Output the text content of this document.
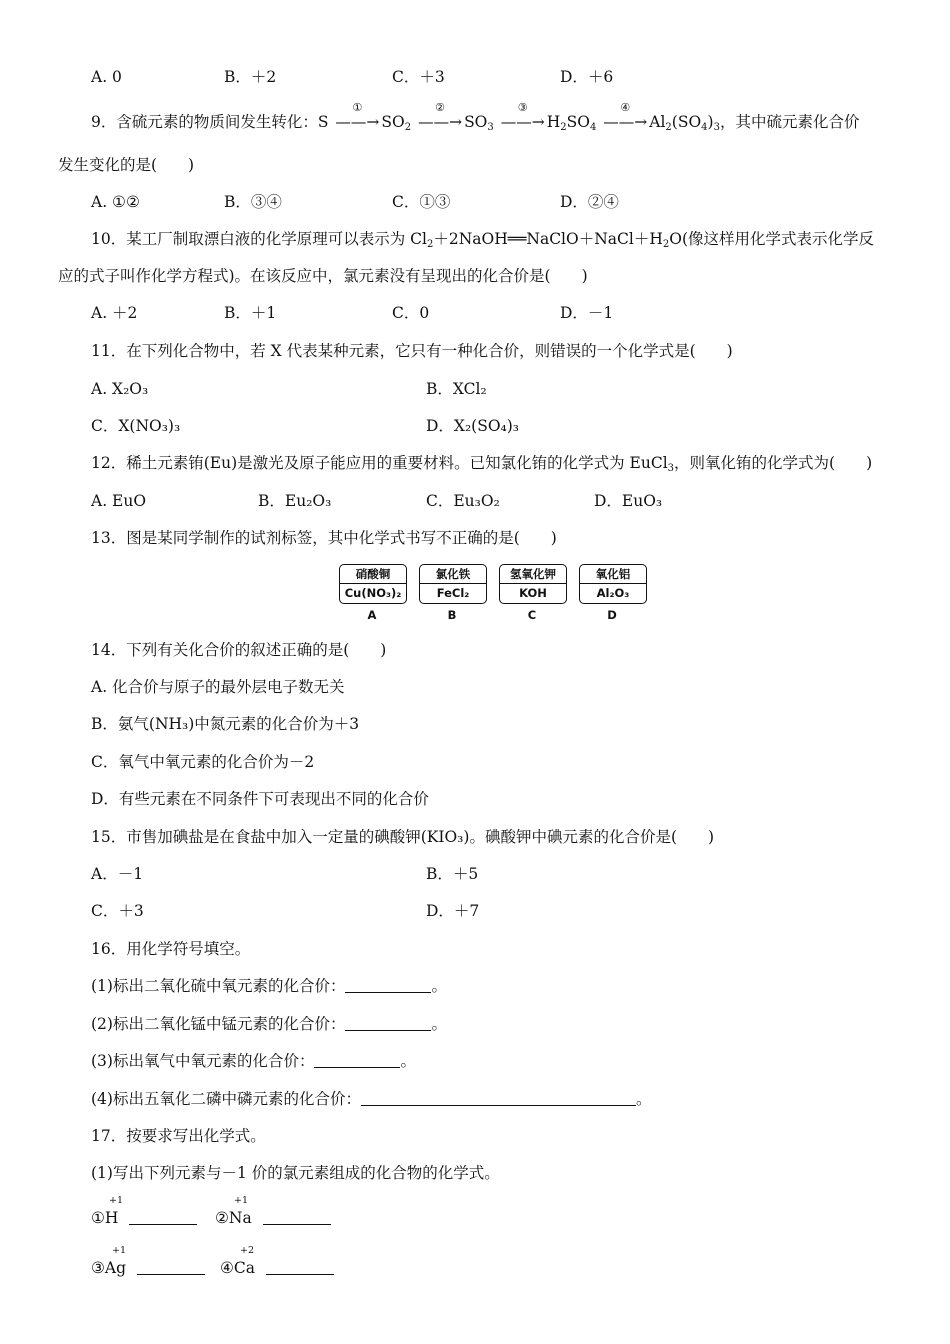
A. 0	B．＋2	C．＋3	D．＋6
9．含硫元素的物质间发生转化：S
①
——→ $SO_2$
②
——→ $SO_3$
③
——→ $H_2SO_4$
④
——→ $Al_2(SO_4)_3$，其中硫元素化合价
发生变化的是(　　)
A. ①②	B．③④	C．①③	D．②④
10．某工厂制取漂白液的化学原理可以表示为 $Cl_2+2NaOH══NaClO+NaCl+H_2O$(像这样用化学式表示化学反
应的式子叫作化学方程式)。在该反应中，氯元素没有呈现出的化合价是(　　)
A. ＋2	B．＋1	C．0	D．－1
11．在下列化合物中，若 X 代表某种元素，它只有一种化合价，则错误的一个化学式是(　　)
A. X₂O₃	B．XCl₂
C．X(NO₃)₃	D．X₂(SO₄)₃
12．稀土元素铕(Eu)是激光及原子能应用的重要材料。已知氯化铕的化学式为 EuCl$_3$，则氧化铕的化学式为(　　)
A. EuO	B．Eu₂O₃	C．Eu₃O₂	D．EuO₃
13．图是某同学制作的试剂标签，其中化学式书写不正确的是(　　)
硝酸铜
Cu(NO₃)₂
A
氯化铁
FeCl₂
B
氢氧化钾
KOH
C
氧化铝
Al₂O₃
D
14．下列有关化合价的叙述正确的是(　　)
A. 化合价与原子的最外层电子数无关
B．氨气(NH₃)中氮元素的化合价为＋3
C．氧气中氧元素的化合价为－2
D．有些元素在不同条件下可表现出不同的化合价
15．市售加碘盐是在食盐中加入一定量的碘酸钾(KIO₃)。碘酸钾中碘元素的化合价是(　　)
A．－1	B．＋5
C．＋3	D．＋7
16．用化学符号填空。
(1)标出二氧化硫中氧元素的化合价：	。
(2)标出二氧化锰中锰元素的化合价：	。
(3)标出氧气中氧元素的化合价：	。
(4)标出五氧化二磷中磷元素的化合价：	。
17．按要求写出化学式。
(1)写出下列元素与－1 价的氯元素组成的化合物的化学式。
+1
①H
+1
②Na
+1
③Ag
+2
④Ca
